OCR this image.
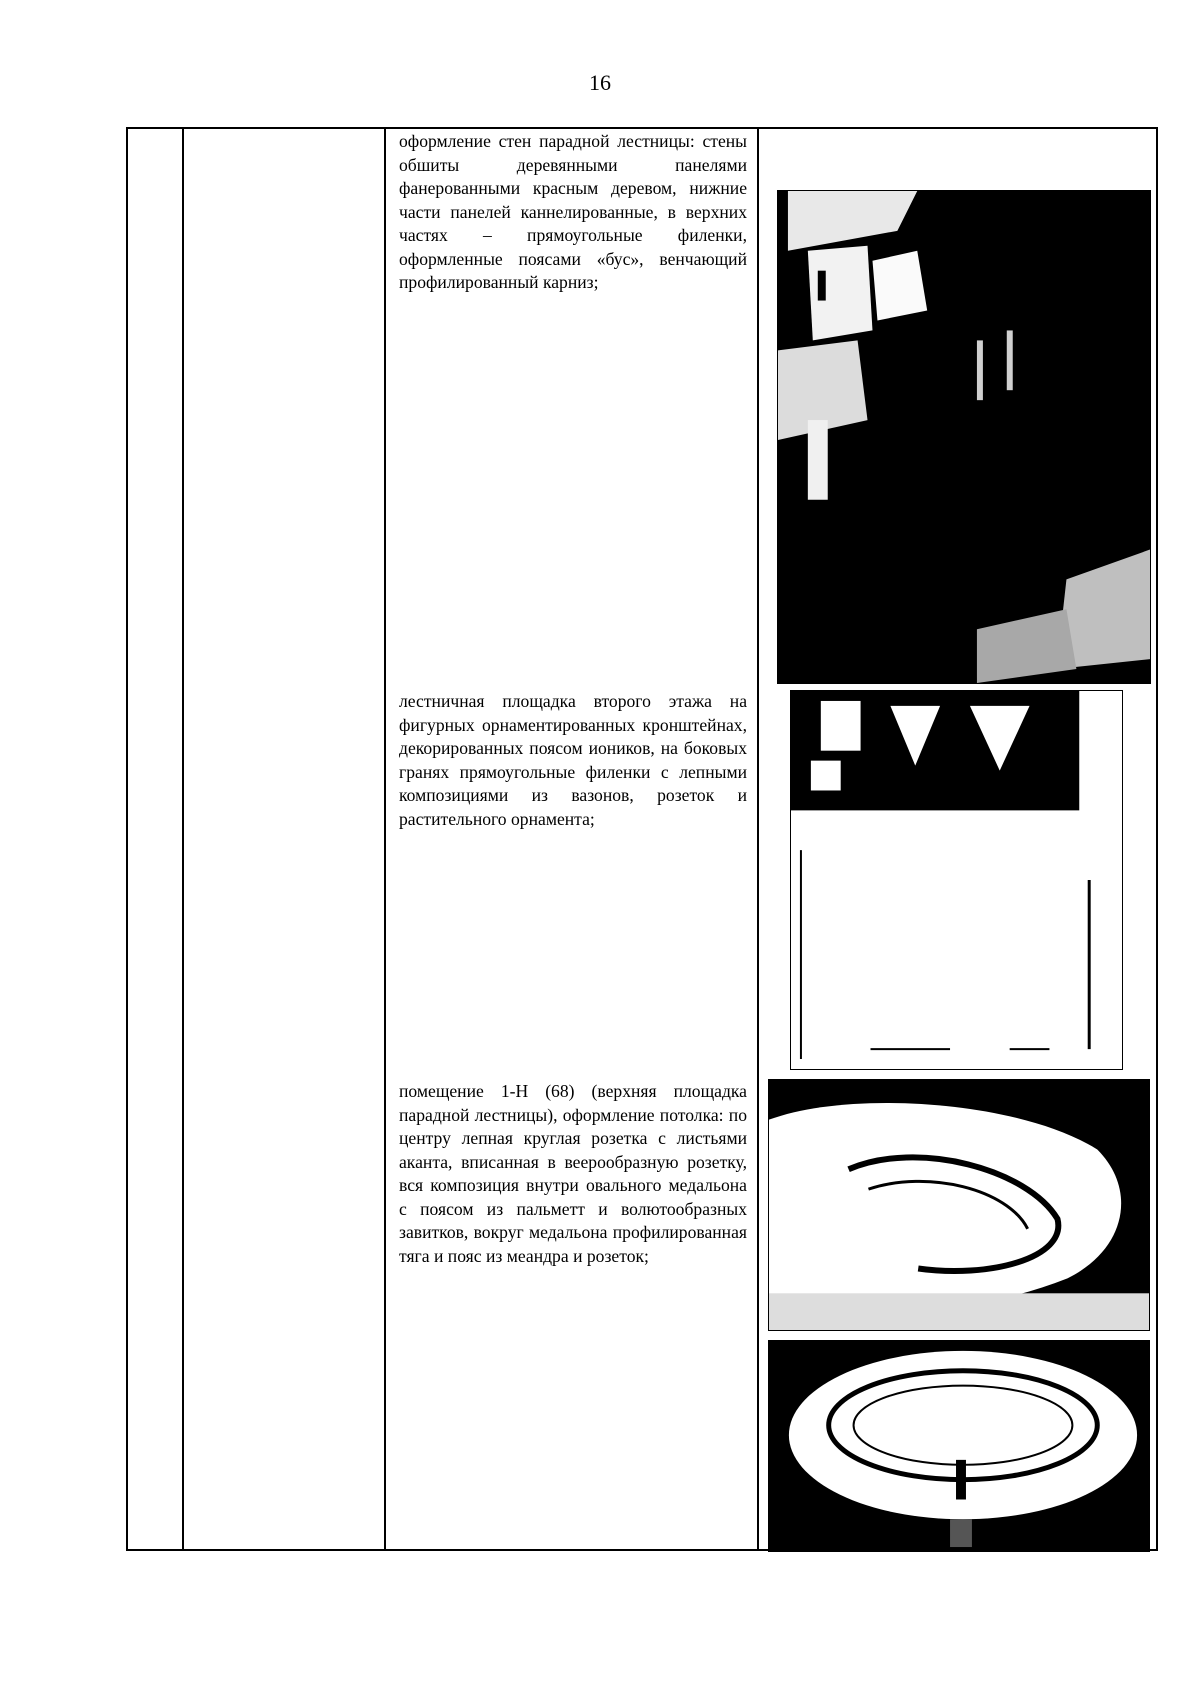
16
оформление стен парадной лестницы: стены обшиты деревянными панелями фанерованными красным деревом, нижние части панелей каннелированные, в верхних частях – прямоугольные филенки, оформленные поясами «бус», венчающий профилированный карниз;
лестничная площадка второго этажа на фигурных орнаментированных кронштейнах, декорированных поясом иоников, на боковых гранях прямоугольные филенки с лепными композициями из вазонов, розеток и растительного орнамента;
помещение 1-Н (68) (верхняя площадка парадной лестницы), оформление потолка: по центру лепная круглая розетка с листьями аканта, вписанная в веерообразную розетку, вся композиция внутри овального медальона с поясом из пальметт и волютообразных завитков, вокруг медальона профилированная тяга и пояс из меандра и розеток;
